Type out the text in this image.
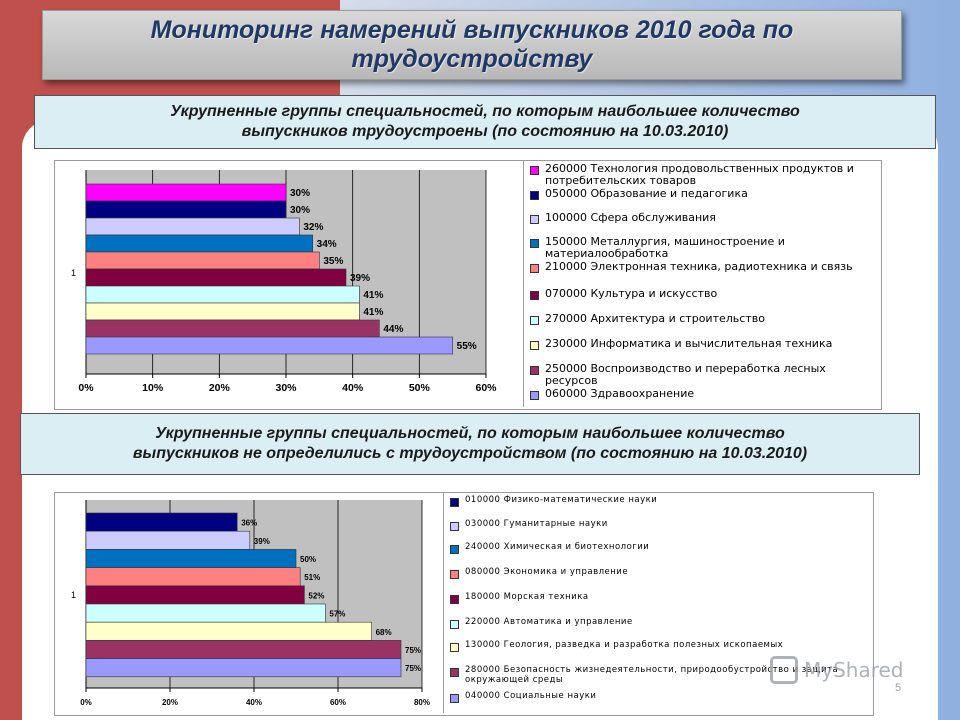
Мониторинг намерений выпускников 2010 года по
трудоустройству
Укрупненные группы специальностей, по которым наибольшее количество
выпускников трудоустроены (по состоянию на 10.03.2010)
0%	10%	20%	30%	40%	50%	60%
1
30%
30%
32%
34%
35%
39%
41%
41%
44%
55%
260000 Технология продовольственных продуктов и потребительских товаров
050000 Образование и педагогика
100000 Сфера обслуживания
150000 Металлургия, машиностроение и материалообработка
210000 Электронная техника, радиотехника и связь
070000 Культура и искусство
270000 Архитектура и строительство
230000 Информатика и вычислительная техника
250000 Воспроизводство и переработка лесных ресурсов
060000 Здравоохранение
Укрупненные группы специальностей, по которым наибольшее количество
выпускников не определились с трудоустройством (по состоянию на 10.03.2010)
0%	20%	40%	60%	80%
1
36%
39%
50%
51%
52%
57%
68%
75%
75%
010000 Физико-математические науки
030000 Гуманитарные науки
240000 Химическая и биотехнологии
080000 Экономика и управление
180000 Морская техника
220000 Автоматика и управление
130000 Геология, разведка и разработка полезных ископаемых
280000 Безопасность жизнедеятельности, природообустройство и защита окружающей среды
040000 Социальные науки
MyShared
5
